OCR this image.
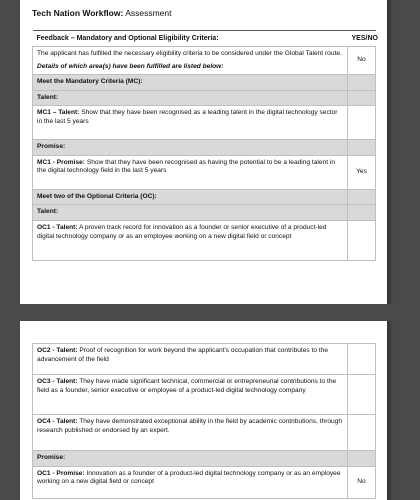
Tech Nation Workflow: Assessment
Feedback – Mandatory and Optional Eligibility Criteria:	YES/NO

The applicant has fulfilled the necessary eligibility criteria to be considered under the Global Talent route.
Details of which area(s) have been fulfilled are listed below:	No
Meet the Mandatory Criteria (MC):	
Talent:	
MC1 – Talent: Show that they have been recognised as a leading talent in the digital technology sector in the last 5 years	
Promise:	
MC1 - Promise: Show that they have been recognised as having the potential to be a leading talent in the digital technology field in the last 5 years	Yes
Meet two of the Optional Criteria (OC):	
Talent:	
OC1 - Talent: A proven track record for innovation as a founder or senior executive of a product-led digital technology company or as an employee working on a new digital field or concept	
OC2 - Talent: Proof of recognition for work beyond the applicant's occupation that contributes to the advancement of the field	
OC3 - Talent: They have made significant technical, commercial or entrepreneurial contributions to the field as a founder, senior executive or employee of a product-led digital technology company	
OC4 - Talent: They have demonstrated exceptional ability in the field by academic contributions, through research published or endorsed by an expert.	
Promise:	
OC1 - Promise: Innovation as a founder of a product-led digital technology company or as an employee working on a new digital field or concept	No
